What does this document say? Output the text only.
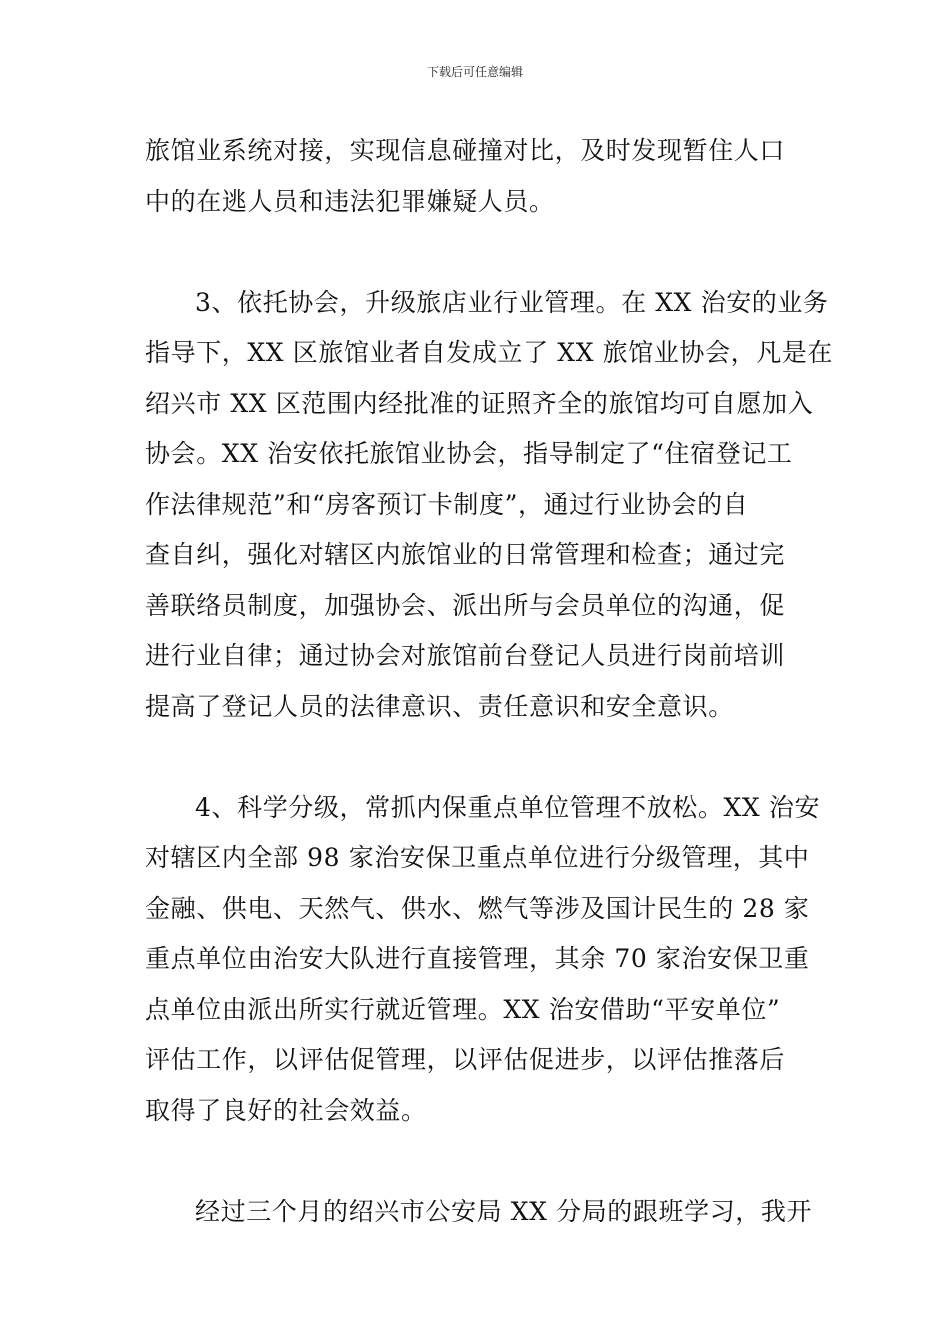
下载后可任意编辑
旅馆业系统对接，实现信息碰撞对比，及时发现暂住人口
中的在逃人员和违法犯罪嫌疑人员。
3、依托协会，升级旅店业行业管理。在 XX 治安的业务
指导下，XX 区旅馆业者自发成立了 XX 旅馆业协会，凡是在
绍兴市 XX 区范围内经批准的证照齐全的旅馆均可自愿加入
协会。XX 治安依托旅馆业协会，指导制定了“住宿登记工
作法律规范”和“房客预订卡制度”，通过行业协会的自
查自纠，强化对辖区内旅馆业的日常管理和检查；通过完
善联络员制度，加强协会、派出所与会员单位的沟通，促
进行业自律；通过协会对旅馆前台登记人员进行岗前培训
提高了登记人员的法律意识、责任意识和安全意识。
4、科学分级，常抓内保重点单位管理不放松。XX 治安
对辖区内全部 98 家治安保卫重点单位进行分级管理，其中
金融、供电、天然气、供水、燃气等涉及国计民生的 28 家
重点单位由治安大队进行直接管理，其余 70 家治安保卫重
点单位由派出所实行就近管理。XX 治安借助“平安单位”
评估工作，以评估促管理，以评估促进步，以评估推落后
取得了良好的社会效益。
经过三个月的绍兴市公安局 XX 分局的跟班学习，我开
